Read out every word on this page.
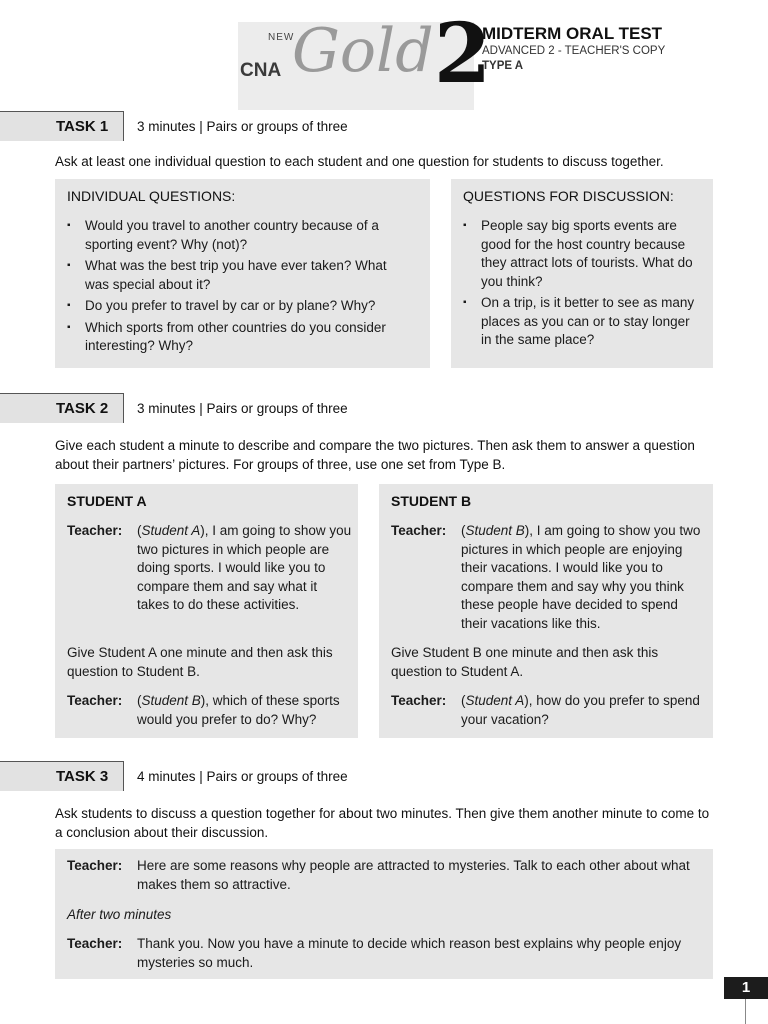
NEW
Gold
CNA 2
MIDTERM ORAL TEST
ADVANCED 2 - TEACHER'S COPY
TYPE A
TASK 1 3 minutes | Pairs or groups of three
Ask at least one individual question to each student and one question for students to discuss together.
INDIVIDUAL QUESTIONS:
▪ Would you travel to another country because of a sporting event? Why (not)?
▪ What was the best trip you have ever taken? What was special about it?
▪ Do you prefer to travel by car or by plane? Why?
▪ Which sports from other countries do you consider interesting? Why?
QUESTIONS FOR DISCUSSION:
▪ People say big sports events are good for the host country because they attract lots of tourists. What do you think?
▪ On a trip, is it better to see as many places as you can or to stay longer in the same place?
TASK 2 3 minutes | Pairs or groups of three
Give each student a minute to describe and compare the two pictures. Then ask them to answer a question about their partners’ pictures. For groups of three, use one set from Type B.
STUDENT A
Teacher:	(Student A), I am going to show you two pictures in which people are doing sports. I would like you to compare them and say what it takes to do these activities.
Give Student A one minute and then ask this question to Student B.
Teacher:	(Student B), which of these sports would you prefer to do? Why?
STUDENT B
Teacher:	(Student B), I am going to show you two pictures in which people are enjoying their vacations. I would like you to compare them and say why you think these people have decided to spend their vacations like this.
Give Student B one minute and then ask this question to Student A.
Teacher:	(Student A), how do you prefer to spend your vacation?
TASK 3 4 minutes | Pairs or groups of three
Ask students to discuss a question together for about two minutes. Then give them another minute to come to a conclusion about their discussion.
Teacher:	Here are some reasons why people are attracted to mysteries. Talk to each other about what makes them so attractive.
After two minutes
Teacher:	Thank you. Now you have a minute to decide which reason best explains why people enjoy mysteries so much.
1
